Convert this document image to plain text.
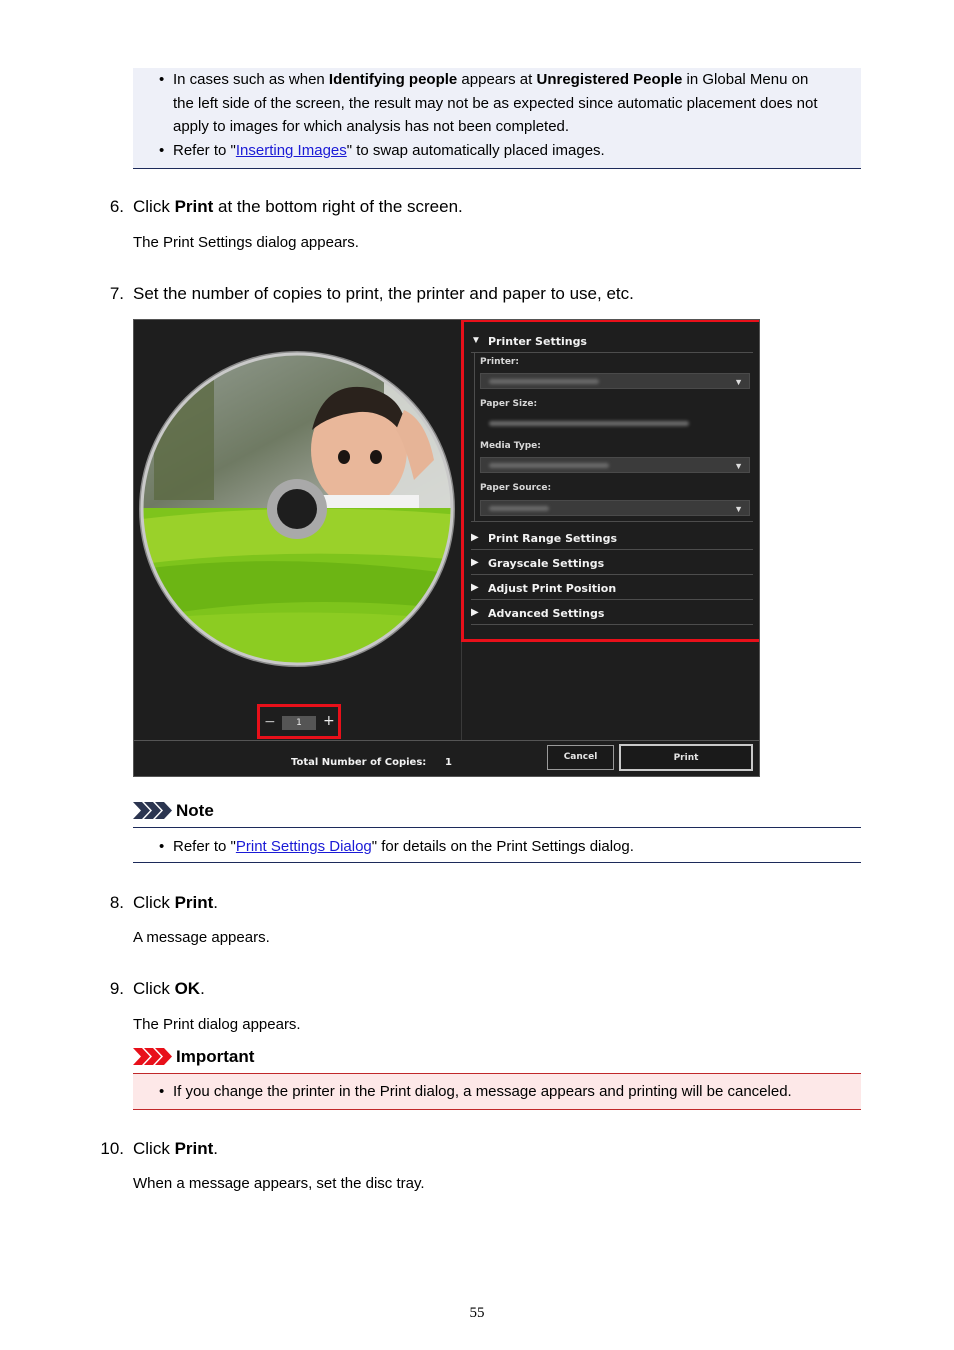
• In cases such as when Identifying people appears at Unregistered People in Global Menu on
the left side of the screen, the result may not be as expected since automatic placement does not
apply to images for which analysis has not been completed.
• Refer to "Inserting Images" to swap automatically placed images.
6. Click Print at the bottom right of the screen.
The Print Settings dialog appears.
7. Set the number of copies to print, the printer and paper to use, etc.
−	1	+
Total Number of Copies: 1	Cancel	Print
▼ Printer Settings
Printer:
▼
Paper Size:
Media Type:
▼
Paper Source:
▼
▶ Print Range Settings
▶ Grayscale Settings
▶ Adjust Print Position
▶ Advanced Settings
Note
• Refer to "Print Settings Dialog" for details on the Print Settings dialog.
8. Click Print.
A message appears.
9. Click OK.
The Print dialog appears.
Important
• If you change the printer in the Print dialog, a message appears and printing will be canceled.
10. Click Print.
When a message appears, set the disc tray.
55
